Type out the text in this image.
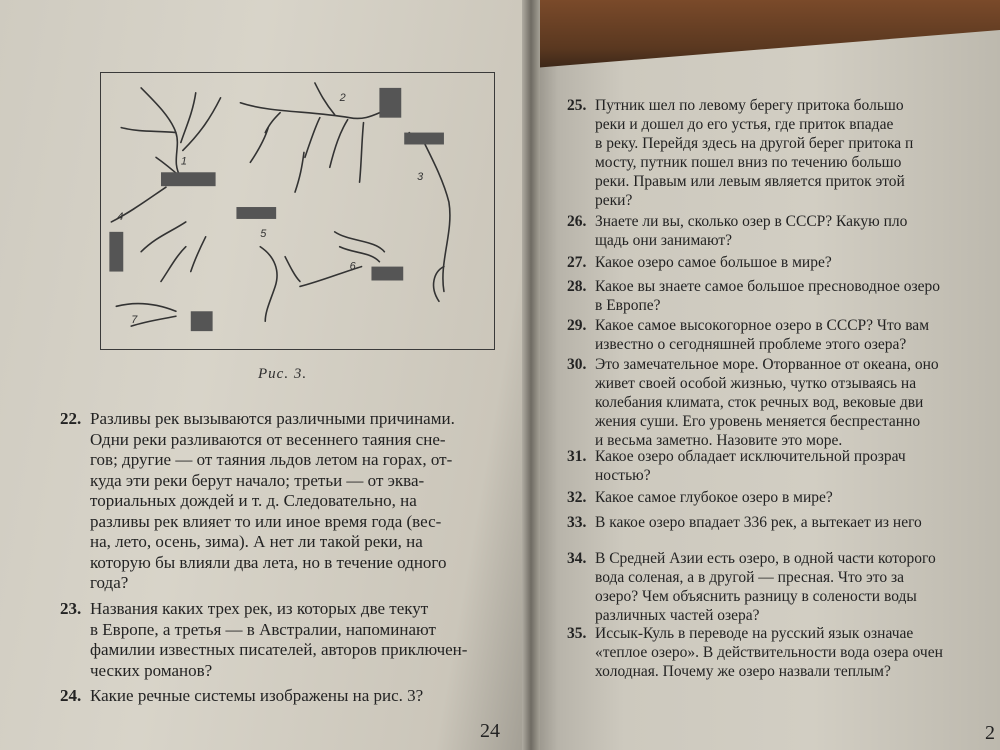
1
2
3
4
5
6
7
Рис. 3.
22. Разливы рек вызываются различными причинами.
Одни реки разливаются от весеннего таяния сне-
гов; другие — от таяния льдов летом на горах, от-
куда эти реки берут начало; третьи — от эква-
ториальных дождей и т. д. Следовательно, на
разливы рек влияет то или иное время года (вес-
на, лето, осень, зима). А нет ли такой реки, на
которую бы влияли два лета, но в течение одного
года?
23. Названия каких трех рек, из которых две текут
в Европе, а третья — в Австралии, напоминают
фамилии известных писателей, авторов приключен-
ческих романов?
24. Какие речные системы изображены на рис. 3?
24
25. Путник шел по левому берегу притока большо
реки и дошел до его устья, где приток впадае
в реку. Перейдя здесь на другой берег притока п
мосту, путник пошел вниз по течению большо
реки. Правым или левым является приток этой
реки?
26. Знаете ли вы, сколько озер в СССР? Какую пло
щадь они занимают?
27. Какое озеро самое большое в мире?
28. Какое вы знаете самое большое пресноводное озеро
в Европе?
29. Какое самое высокогорное озеро в СССР? Что вам
известно о сегодняшней проблеме этого озера?
30. Это замечательное море. Оторванное от океана, оно
живет своей особой жизнью, чутко отзываясь на
колебания климата, сток речных вод, вековые дви
жения суши. Его уровень меняется беспрестанно
и весьма заметно. Назовите это море.
31. Какое озеро обладает исключительной прозрач
ностью?
32. Какое самое глубокое озеро в мире?
33. В какое озеро впадает 336 рек, а вытекает из него
34. В Средней Азии есть озеро, в одной части которого
вода соленая, а в другой — пресная. Что это за
озеро? Чем объяснить разницу в солености воды
различных частей озера?
35. Иссык-Куль в переводе на русский язык означае
«теплое озеро». В действительности вода озера очен
холодная. Почему же озеро назвали теплым?
2
